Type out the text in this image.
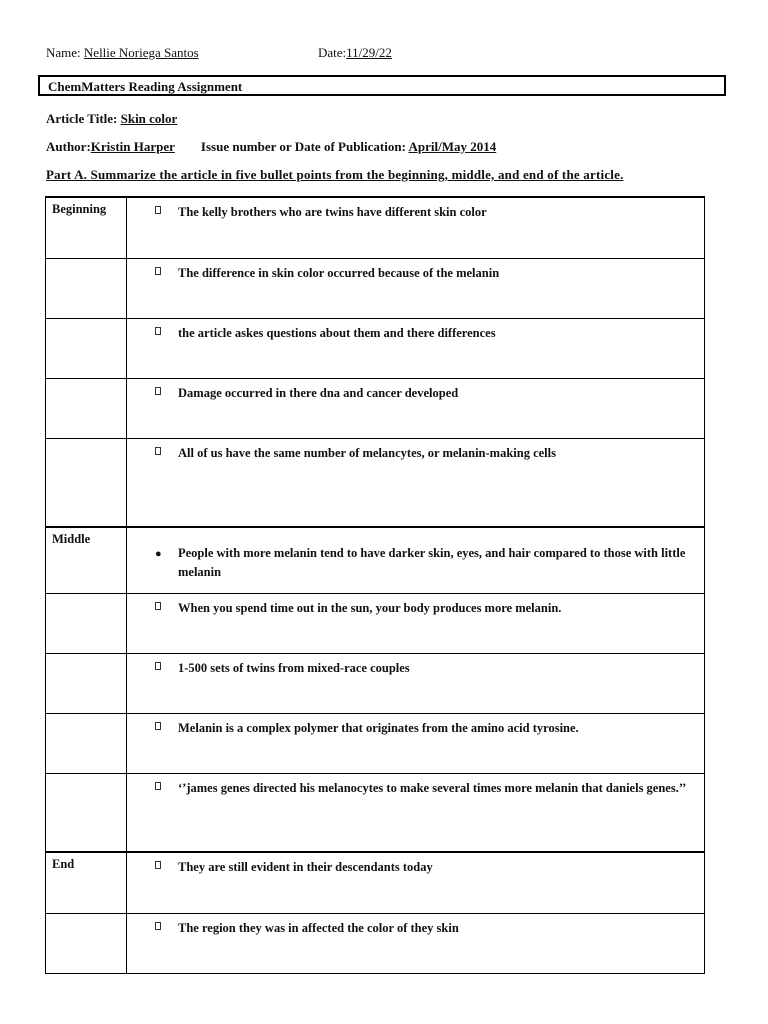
Name: Nellie Noriega Santos	Date:11/29/22
ChemMatters Reading Assignment
Article Title: Skin color
Author:Kristin Harper Issue number or Date of Publication: April/May 2014
Part A. Summarize the article in five bullet points from the beginning, middle, and end of the article.
Beginning	The kelly brothers who are twins have different skin color

	The difference in skin color occurred because of the melanin

	the article askes questions about them and there differences

	Damage occurred in there dna and cancer developed

	All of us have the same number of melancytes, or melanin-making cells

Middle	● People with more melanin tend to have darker skin, eyes, and hair compared to those with little melanin

	When you spend time out in the sun, your body produces more melanin.

	1-500 sets of twins from mixed-race couples

	Melanin is a complex polymer that originates from the amino acid tyrosine.

	‘’james genes directed his melanocytes to make several times more melanin that daniels genes.’’

End	They are still evident in their descendants today

	The region they was in affected the color of they skin
